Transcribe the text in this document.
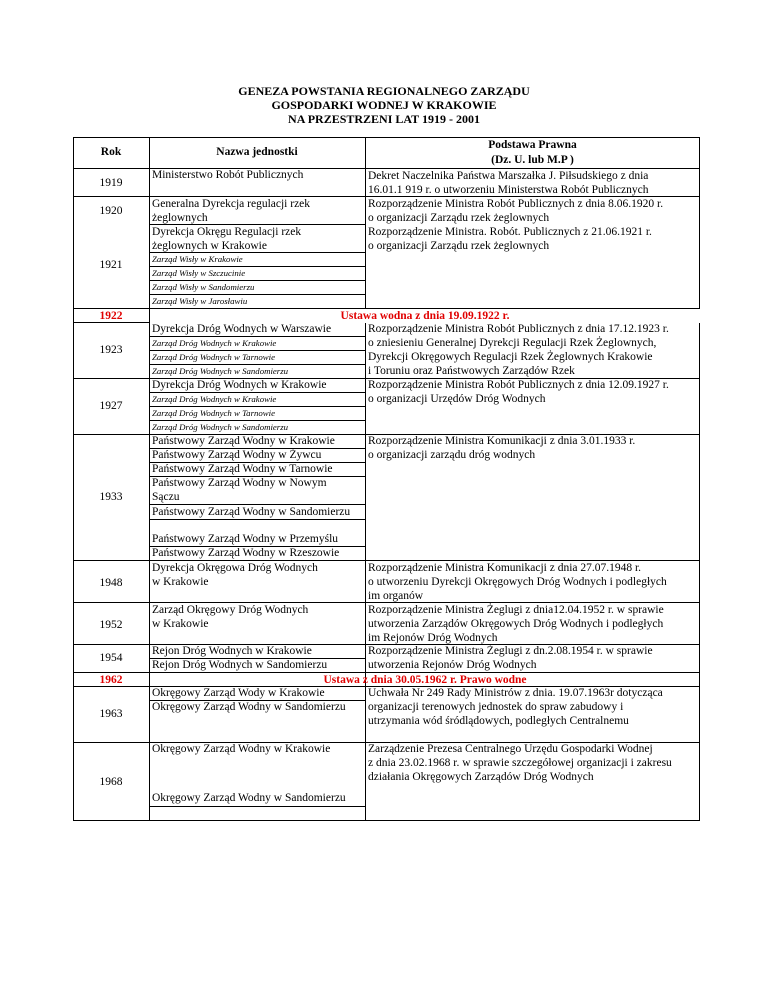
GENEZA POWSTANIA REGIONALNEGO ZARZĄDU
GOSPODARKI WODNEJ W KRAKOWIE
NA PRZESTRZENI LAT 1919 - 2001
Rok	Nazwa jednostki
Podstawa Prawna
(Dz. U. lub M.P )
1919
1920
1921
1922
1923
1927
1933
1948
1952
1954
1962
1963
1968
Ministerstwo Robót Publicznych
Generalna Dyrekcja regulacji rzek
żeglownych
Dyrekcja Okręgu Regulacji rzek
żeglownych w Krakowie
Zarząd Wisły w Krakowie
Zarząd Wisły w Szczucinie
Zarząd Wisły w Sandomierzu
Zarząd Wisły w Jarosławiu
Dyrekcja Dróg Wodnych w Warszawie
Zarząd Dróg Wodnych w Krakowie
Zarząd Dróg Wodnych w Tarnowie
Zarząd Dróg Wodnych w Sandomierzu
Dyrekcja Dróg Wodnych w Krakowie
Zarząd Dróg Wodnych w Krakowie
Zarząd Dróg Wodnych w Tarnowie
Zarząd Dróg Wodnych w Sandomierzu
Państwowy Zarząd Wodny w Krakowie
Państwowy Zarząd Wodny w Żywcu
Państwowy Zarząd Wodny w Tarnowie
Państwowy Zarząd Wodny w Nowym
Sączu
Państwowy Zarząd Wodny w Sandomierzu
Państwowy Zarząd Wodny w Przemyślu
Państwowy Zarząd Wodny w Rzeszowie
Dyrekcja Okręgowa Dróg Wodnych
w Krakowie
Zarząd Okręgowy Dróg Wodnych
w Krakowie
Rejon Dróg Wodnych w Krakowie
Rejon Dróg Wodnych w Sandomierzu
Okręgowy Zarząd Wody w Krakowie
Okręgowy Zarząd Wodny w Sandomierzu
Okręgowy Zarząd Wodny w Krakowie
Okręgowy Zarząd Wodny w Sandomierzu
Dekret Naczelnika Państwa Marszałka J. Piłsudskiego z dnia
16.01.1 919 r. o utworzeniu Ministerstwa Robót Publicznych
Rozporządzenie Ministra Robót Publicznych z dnia 8.06.1920 r.
o organizacji Zarządu rzek żeglownych
Rozporządzenie Ministra. Robót. Publicznych z 21.06.1921 r.
o organizacji Zarządu rzek żeglownych
Ustawa wodna z dnia 19.09.1922 r.
Rozporządzenie Ministra Robót Publicznych z dnia 17.12.1923 r.
o zniesieniu Generalnej Dyrekcji Regulacji Rzek Żeglownych,
Dyrekcji Okręgowych Regulacji Rzek Żeglownych Krakowie
i Toruniu oraz Państwowych Zarządów Rzek
Rozporządzenie Ministra Robót Publicznych z dnia 12.09.1927 r.
o organizacji Urzędów Dróg Wodnych
Rozporządzenie Ministra Komunikacji z dnia 3.01.1933 r.
o organizacji zarządu dróg wodnych
Rozporządzenie Ministra Komunikacji z dnia 27.07.1948 r.
o utworzeniu Dyrekcji Okręgowych Dróg Wodnych i podległych
im organów
Rozporządzenie Ministra Żeglugi z dnia12.04.1952 r. w sprawie
utworzenia Zarządów Okręgowych Dróg Wodnych i podległych
im Rejonów Dróg Wodnych
Rozporządzenie Ministra Żeglugi z dn.2.08.1954 r. w sprawie
utworzenia Rejonów Dróg Wodnych
Ustawa z dnia 30.05.1962 r. Prawo wodne
Uchwała Nr 249 Rady Ministrów z dnia. 19.07.1963r dotycząca
organizacji terenowych jednostek do spraw zabudowy i
utrzymania wód śródlądowych, podległych Centralnemu
Zarządzenie Prezesa Centralnego Urzędu Gospodarki Wodnej
z dnia 23.02.1968 r. w sprawie szczegółowej organizacji i zakresu
działania Okręgowych Zarządów Dróg Wodnych
